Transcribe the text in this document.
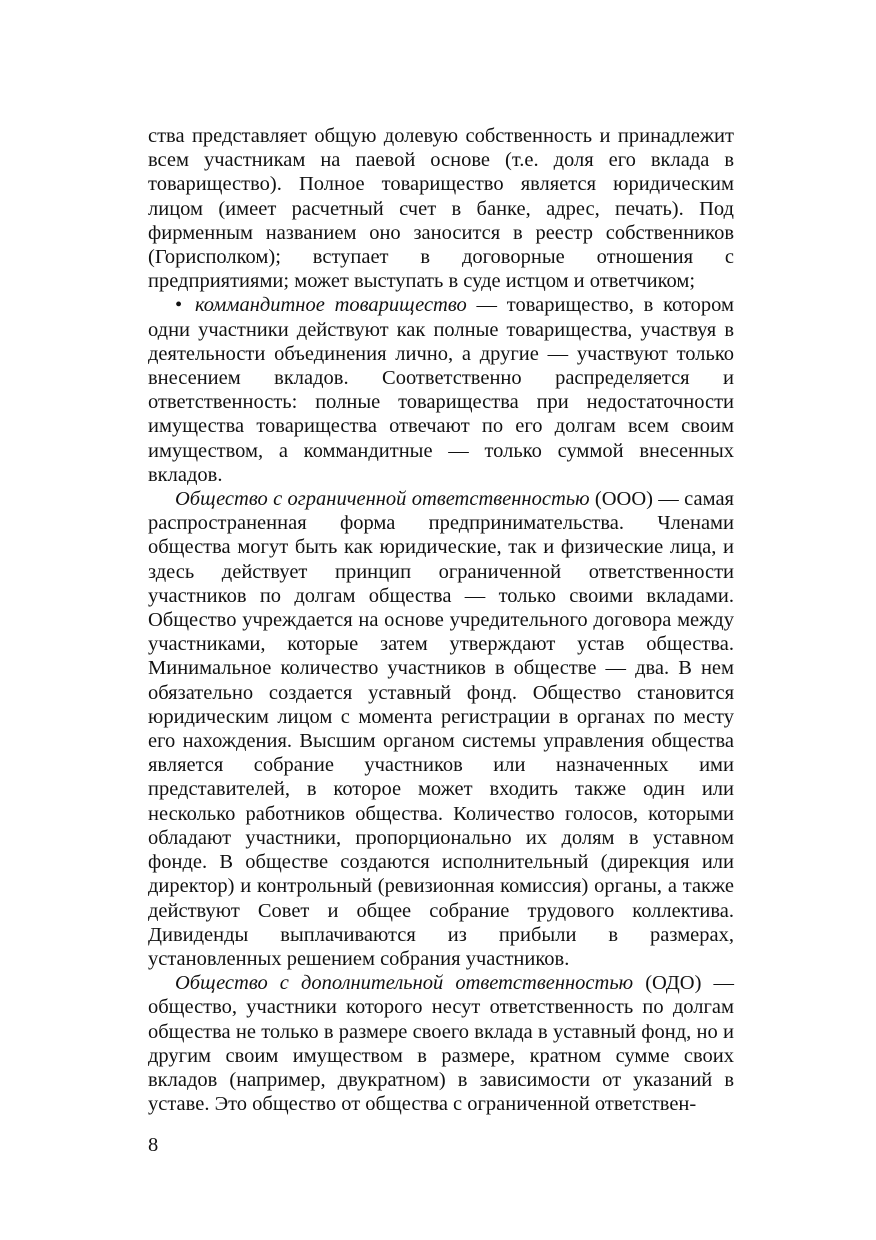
ства представляет общую долевую собственность и принадлежит всем участникам на паевой основе (т.е. доля его вклада в товарищество). Полное товарищество является юридическим лицом (имеет расчетный счет в банке, адрес, печать). Под фирменным названием оно заносится в реестр собственников (Горисполком); вступает в договорные отношения с предприятиями; может выступать в суде истцом и ответчиком;

• коммандитное товарищество — товарищество, в котором одни участники действуют как полные товарищества, участвуя в деятельности объединения лично, а другие — участвуют только внесением вкладов. Соответственно распределяется и ответственность: полные товарищества при недостаточности имущества товарищества отвечают по его долгам всем своим имуществом, а коммандитные — только суммой внесенных вкладов.

Общество с ограниченной ответственностью (ООО) — самая распространенная форма предпринимательства. Членами общества могут быть как юридические, так и физические лица, и здесь действует принцип ограниченной ответственности участников по долгам общества — только своими вкладами. Общество учреждается на основе учредительного договора между участниками, которые затем утверждают устав общества. Минимальное количество участников в обществе — два. В нем обязательно создается уставный фонд. Общество становится юридическим лицом с момента регистрации в органах по месту его нахождения. Высшим органом системы управления общества является собрание участников или назначенных ими представителей, в которое может входить также один или несколько работников общества. Количество голосов, которыми обладают участники, пропорционально их долям в уставном фонде. В обществе создаются исполнительный (дирекция или директор) и контрольный (ревизионная комиссия) органы, а также действуют Совет и общее собрание трудового коллектива. Дивиденды выплачиваются из прибыли в размерах, установленных решением собрания участников.

Общество с дополнительной ответственностью (ОДО) — общество, участники которого несут ответственность по долгам общества не только в размере своего вклада в уставный фонд, но и другим своим имуществом в размере, кратном сумме своих вкладов (например, двукратном) в зависимости от указаний в уставе. Это общество от общества с ограниченной ответствен-

8
